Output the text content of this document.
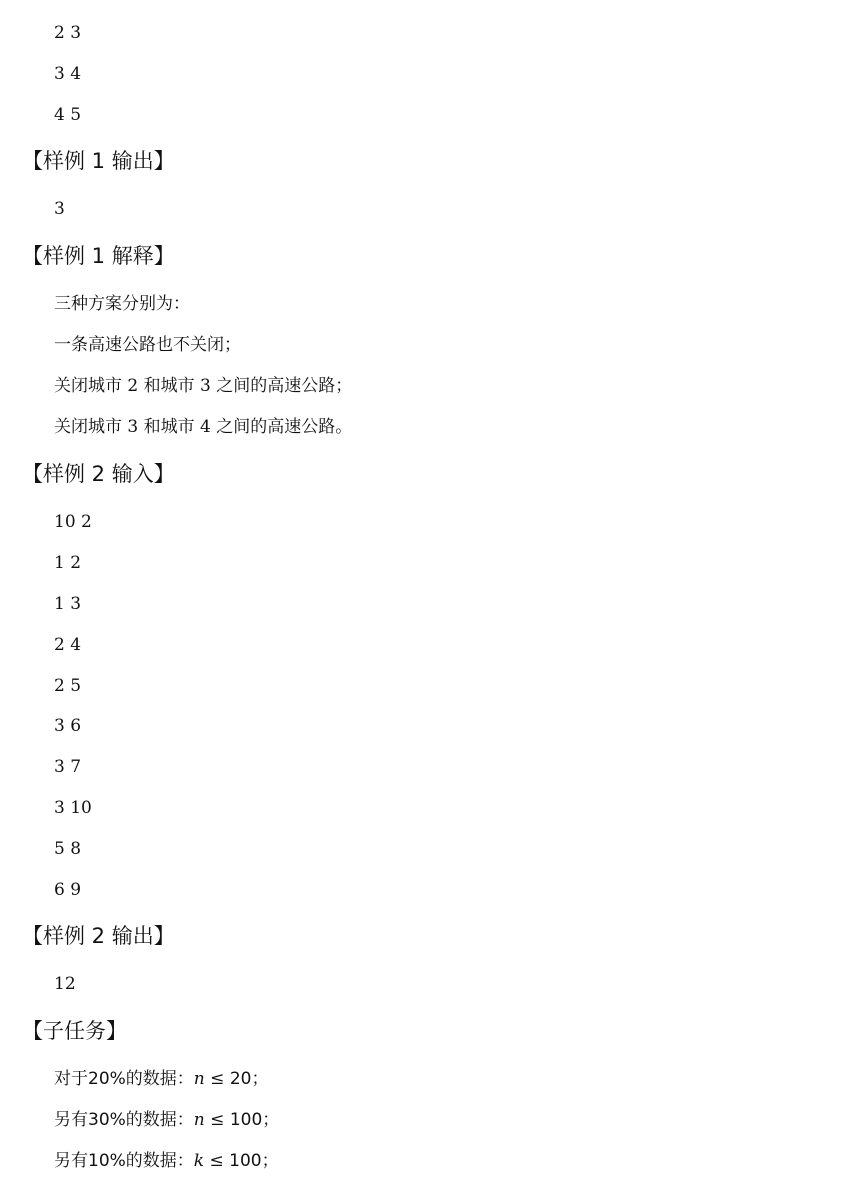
2 3
3 4
4 5
【样例 1 输出】
3
【样例 1 解释】
三种方案分别为：
一条高速公路也不关闭；
关闭城市 2 和城市 3 之间的高速公路；
关闭城市 3 和城市 4 之间的高速公路。
【样例 2 输入】
10 2
1 2
1 3
2 4
2 5
3 6
3 7
3 10
5 8
6 9
【样例 2 输出】
12
【子任务】
对于20%的数据：n ≤ 20；
另有30%的数据：n ≤ 100；
另有10%的数据：k ≤ 100；
